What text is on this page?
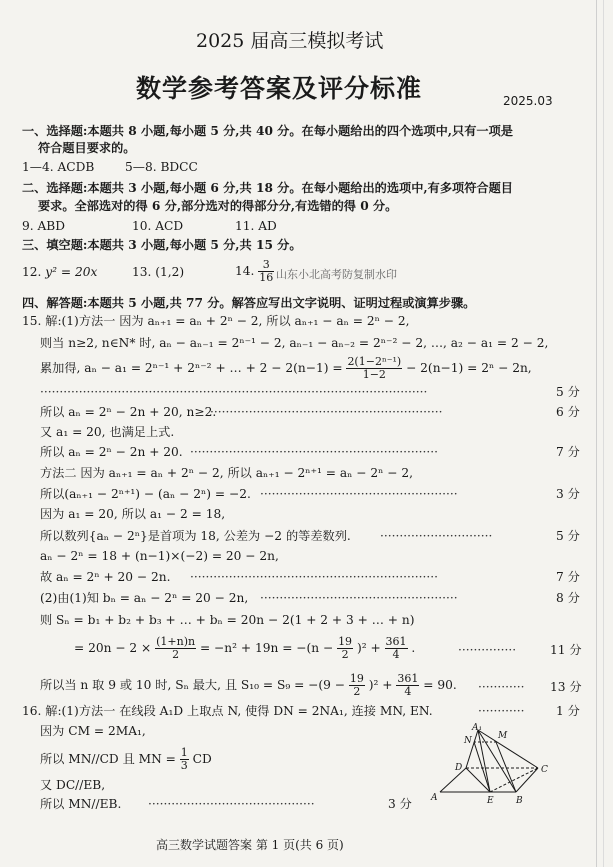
2025 届高三模拟考试
数学参考答案及评分标准	2025.03
一、选择题:本题共 8 小题,每小题 5 分,共 40 分。在每小题给出的四个选项中,只有一项是
符合题目要求的。
1—4. ACDB	5—8. BDCC
二、选择题:本题共 3 小题,每小题 6 分,共 18 分。在每小题给出的选项中,有多项符合题目
要求。全部选对的得 6 分,部分选对的得部分分,有选错的得 0 分。
9. ABD	10. ACD	11. AD
三、填空题:本题共 3 小题,每小题 5 分,共 15 分。
12. y² = 20x	13. (1,2)	14. $\frac{3}{16}$ 山东小北高考防复制水印
四、解答题:本题共 5 小题,共 77 分。解答应写出文字说明、证明过程或演算步骤。
15. 解:(1)方法一 因为 aₙ₊₁ = aₙ + 2ⁿ − 2, 所以 aₙ₊₁ − aₙ = 2ⁿ − 2,
则当 n≥2, n∈N* 时, aₙ − aₙ₋₁ = 2ⁿ⁻¹ − 2, aₙ₋₁ − aₙ₋₂ = 2ⁿ⁻² − 2, …, a₂ − a₁ = 2 − 2,
累加得, aₙ − a₁ = 2ⁿ⁻¹ + 2ⁿ⁻² + … + $2 - 2(n-1) = \frac{\text{2(1−2ⁿ⁻¹)}}{1-2} - 2(n-1) = 2^n - 2n$,
····································································································	5 分
所以 aₙ = 2ⁿ − 2n + 20, n≥2.
····························································	6 分
又 a₁ = 20, 也满足上式.
所以 aₙ = 2ⁿ − 2n + 20. ································································	7 分
方法二 因为 aₙ₊₁ = aₙ + 2ⁿ − 2, 所以 aₙ₊₁ − 2ⁿ⁺¹ = aₙ − 2ⁿ − 2,
所以(aₙ₊₁ − 2ⁿ⁺¹) − (aₙ − 2ⁿ) = −2. ···················································	3 分
因为 a₁ = 20, 所以 a₁ − 2 = 18,
所以数列{aₙ − 2ⁿ}是首项为 18, 公差为 −2 的等差数列. ·····························	5 分
aₙ − 2ⁿ = 18 + (n−1)×(−2) = 20 − 2n,
故 aₙ = 2ⁿ + 20 − 2n. ································································	7 分
(2)由(1)知 bₙ = aₙ − 2ⁿ = 20 − 2n, ···················································	8 分
则 Sₙ = b₁ + b₂ + b₃ + … + bₙ = 20n − 2(1 + 2 + 3 + … + n)
= $20n - 2 \times \frac{(1+n)n}{2} = -n^2 + 19n = -(n - \frac{19}{2} )^2 + \frac{361}{4}$ .	···············	11 分
所以当 n 取 9 或 10 时, Sₙ 最大, 且 $S_{10} = S_9 = -(9 - \frac{19}{2} )^2 + \frac{361}{4} = 90$. ············	13 分
16. 解:(1)方法一 在线段 A₁D 上取点 N, 使得 DN = 2NA₁, 连接 MN, EN.	············	1 分
因为 CM = 2MA₁,
所以 MN//CD 且 MN = $\frac{1}{3}$ CD
又 DC//EB,
所以 MN//EB. ···········································	3 分
A₁
N	M
D	C
A	E B
高三数学试题答案 第 1 页(共 6 页)
